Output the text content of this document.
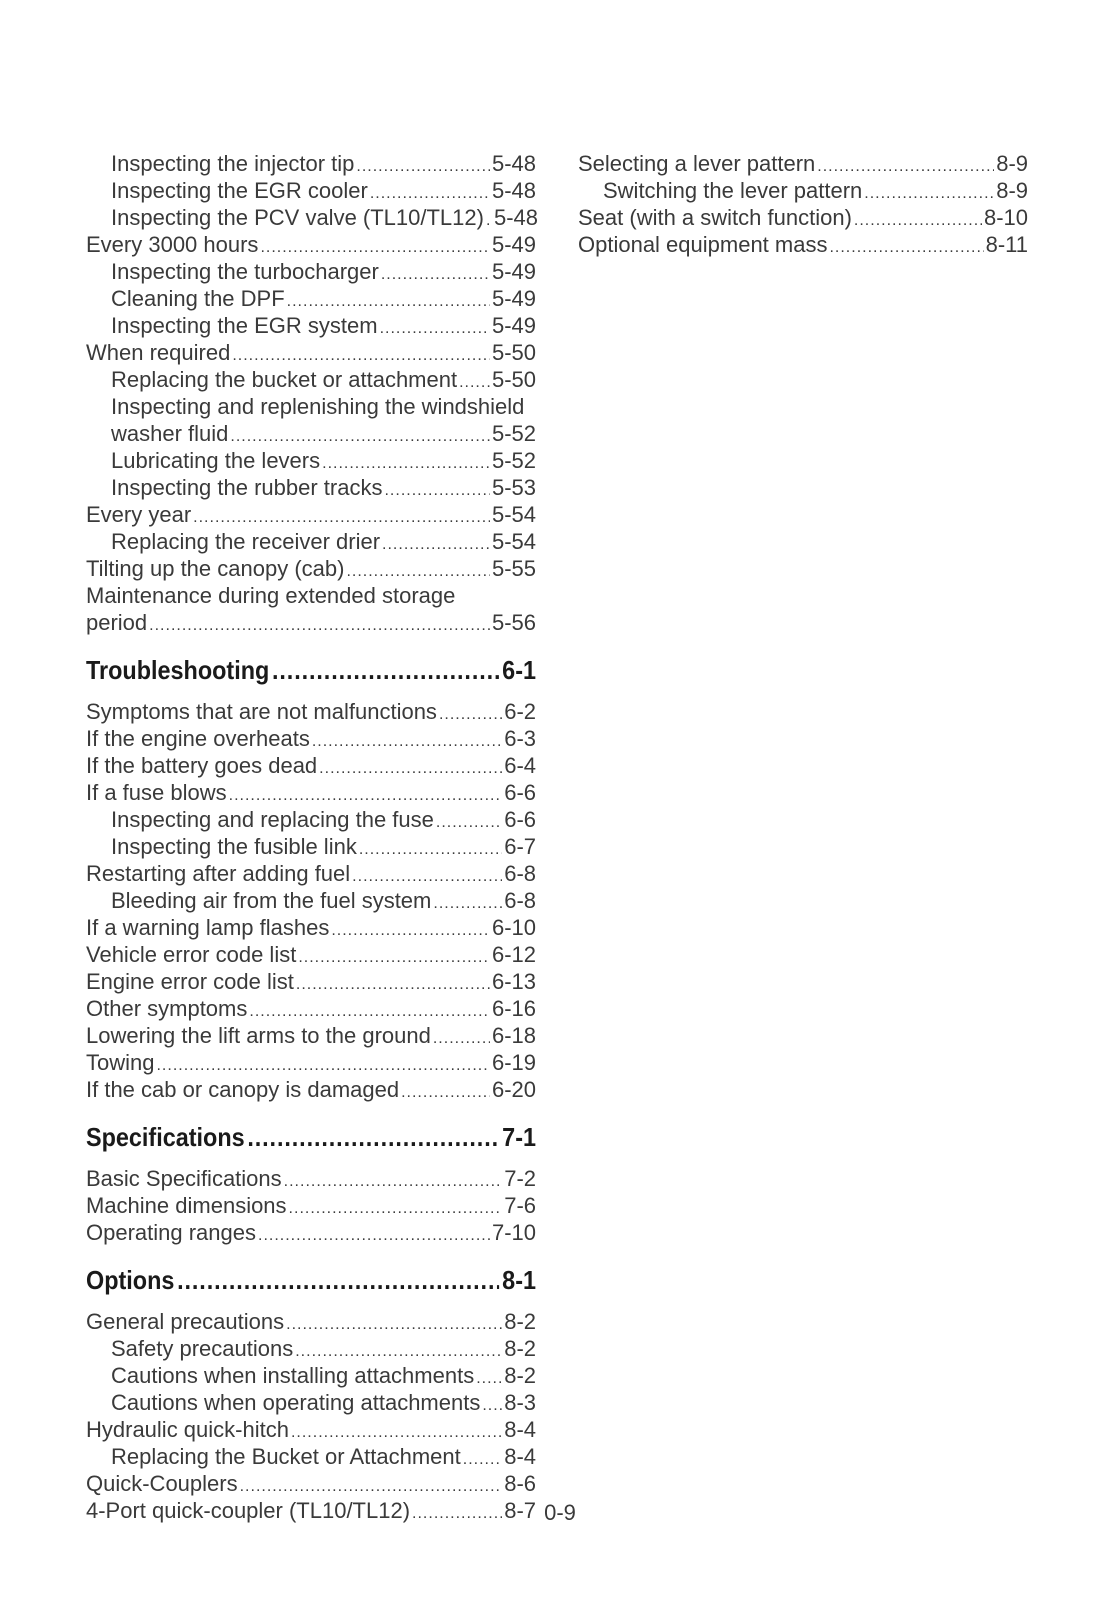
Inspecting the injector tip .....	5-48
Inspecting the EGR cooler .....	5-48
Inspecting the PCV valve (TL10/TL12) ..... 5-48
Every 3000 hours .....	5-49
Inspecting the turbocharger .....	5-49
Cleaning the DPF .....	5-49
Inspecting the EGR system .....	5-49
When required .....	5-50
Replacing the bucket or attachment ..... 5-50
Inspecting and replenishing the windshield
washer fluid .....	5-52
Lubricating the levers .....	5-52
Inspecting the rubber tracks .....	5-53
Every year .....	5-54
Replacing the receiver drier .....	5-54
Tilting up the canopy (cab) .....	5-55
Maintenance during extended storage
period .....	5-56
Troubleshooting .....	6-1
Symptoms that are not malfunctions .....	6-2
If the engine overheats .....	6-3
If the battery goes dead .....	6-4
If a fuse blows .....	6-6
Inspecting and replacing the fuse .....	6-6
Inspecting the fusible link .....	6-7
Restarting after adding fuel .....	6-8
Bleeding air from the fuel system .....	6-8
If a warning lamp flashes .....	6-10
Vehicle error code list .....	6-12
Engine error code list .....	6-13
Other symptoms .....	6-16
Lowering the lift arms to the ground .....	6-18
Towing .....	6-19
If the cab or canopy is damaged .....	6-20
Specifications .....	7-1
Basic Specifications .....	7-2
Machine dimensions .....	7-6
Operating ranges .....	7-10
Options .....	8-1
General precautions .....	8-2
Safety precautions .....	8-2
Cautions when installing attachments ..... 8-2
Cautions when operating attachments ..... 8-3
Hydraulic quick-hitch .....	8-4
Replacing the Bucket or Attachment ..... 8-4
Quick-Couplers .....	8-6
4-Port quick-coupler (TL10/TL12) .....	8-7
Selecting a lever pattern .....	8-9
Switching the lever pattern .....	8-9
Seat (with a switch function) .....	8-10
Optional equipment mass .....	8-11
0-9
